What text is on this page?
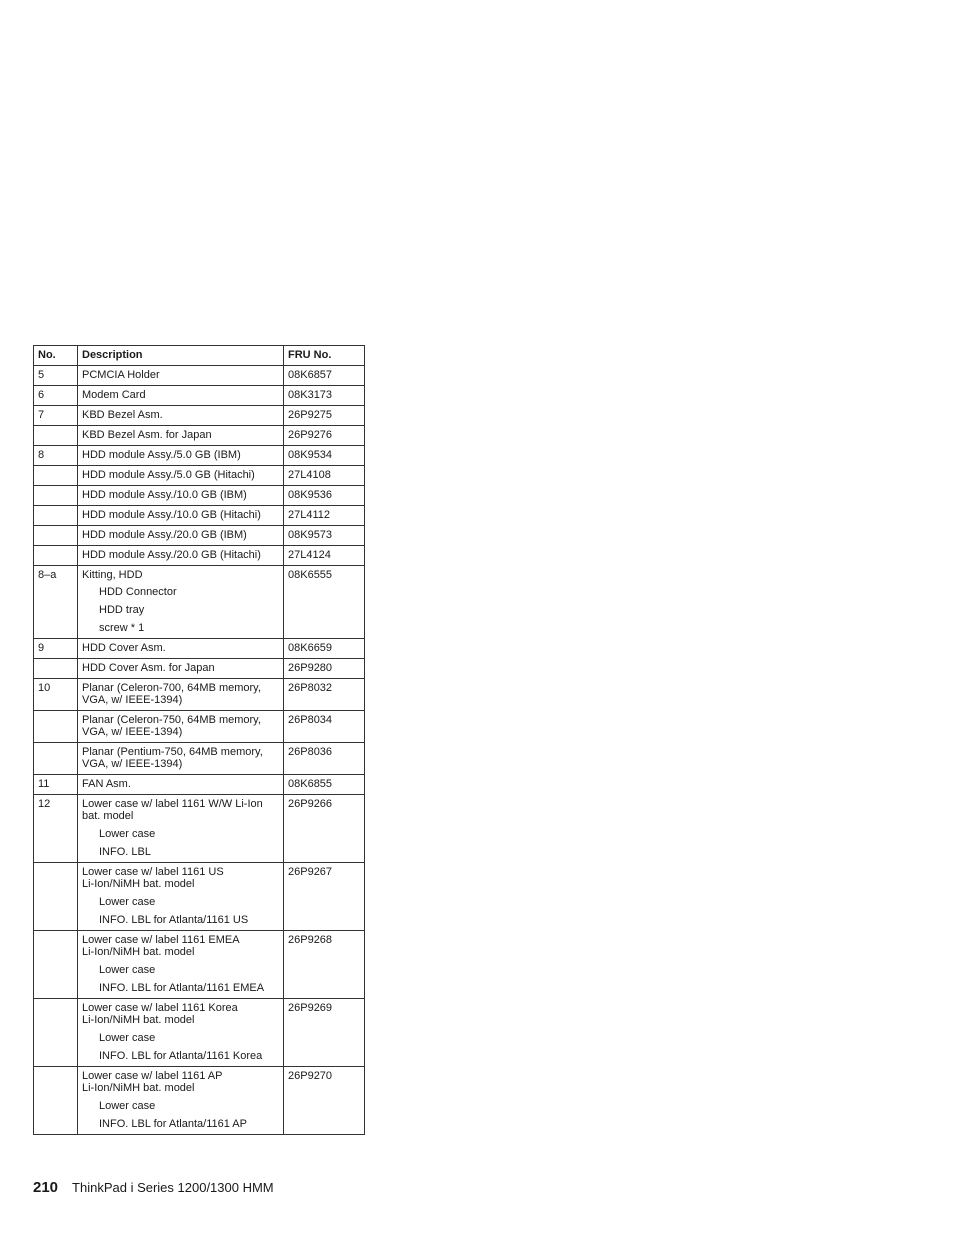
No.	Description	FRU No.
5	PCMCIA Holder	08K6857
6	Modem Card	08K3173
7	KBD Bezel Asm.	26P9275

	KBD Bezel Asm. for Japan	26P9276
8	HDD module Assy./5.0 GB (IBM)	08K9534

	HDD module Assy./5.0 GB (Hitachi)	27L4108

	HDD module Assy./10.0 GB (IBM)	08K9536

	HDD module Assy./10.0 GB (Hitachi)	27L4112

	HDD module Assy./20.0 GB (IBM)	08K9573

	HDD module Assy./20.0 GB (Hitachi)	27L4124
8–a	Kitting, HDD
HDD Connector
HDD tray
screw * 1	08K6555
9	HDD Cover Asm.	08K6659

	HDD Cover Asm. for Japan	26P9280
10	Planar (Celeron-700, 64MB memory,
VGA, w/ IEEE-1394)	26P8032

	Planar (Celeron-750, 64MB memory,
VGA, w/ IEEE-1394)	26P8034

	Planar (Pentium-750, 64MB memory,
VGA, w/ IEEE-1394)	26P8036
11	FAN Asm.	08K6855
12	Lower case w/ label 1161 W/W Li-Ion
bat. model
Lower case
INFO. LBL	26P9266

	Lower case w/ label 1161 US
Li-Ion/NiMH bat. model
Lower case
INFO. LBL for Atlanta/1161 US	26P9267

	Lower case w/ label 1161 EMEA
Li-Ion/NiMH bat. model
Lower case
INFO. LBL for Atlanta/1161 EMEA	26P9268

	Lower case w/ label 1161 Korea
Li-Ion/NiMH bat. model
Lower case
INFO. LBL for Atlanta/1161 Korea	26P9269

	Lower case w/ label 1161 AP
Li-Ion/NiMH bat. model
Lower case
INFO. LBL for Atlanta/1161 AP	26P9270
210 ThinkPad i Series 1200/1300 HMM
